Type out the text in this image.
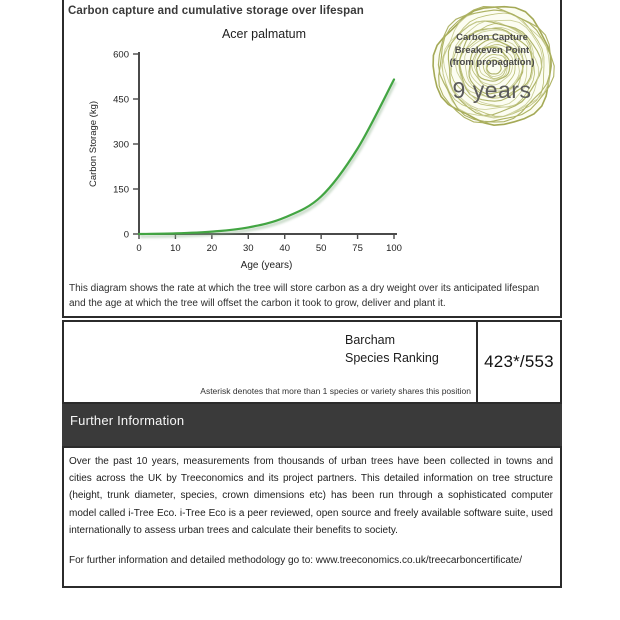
Carbon capture and cumulative storage over lifespan
Acer palmatum
0
150
300
450
600
0	10	20	30	40	50	75 100
Age (years)
Carbon Storage (kg)
Carbon Capture
Breakeven Point
(from propagation)
9 years

This diagram shows the rate at which the tree will store carbon as a dry weight over its anticipated lifespan and the age at which the tree will offset the carbon it took to grow, deliver and plant it.

Barcham
Species Ranking
Asterisk denotes that more than 1 species or variety shares this position
423*/553
Further Information

Over the past 10 years, measurements from thousands of urban trees have been collected in towns and cities across the UK by Treeconomics and its project partners. This detailed information on tree structure (height, trunk diameter, species, crown dimensions etc) has been run through a sophisticated computer model called i-Tree Eco. i-Tree Eco is a peer reviewed, open source and freely available software suite, used internationally to assess urban trees and calculate their benefits to society.

For further information and detailed methodology go to: www.treeconomics.co.uk/treecarboncertificate/
